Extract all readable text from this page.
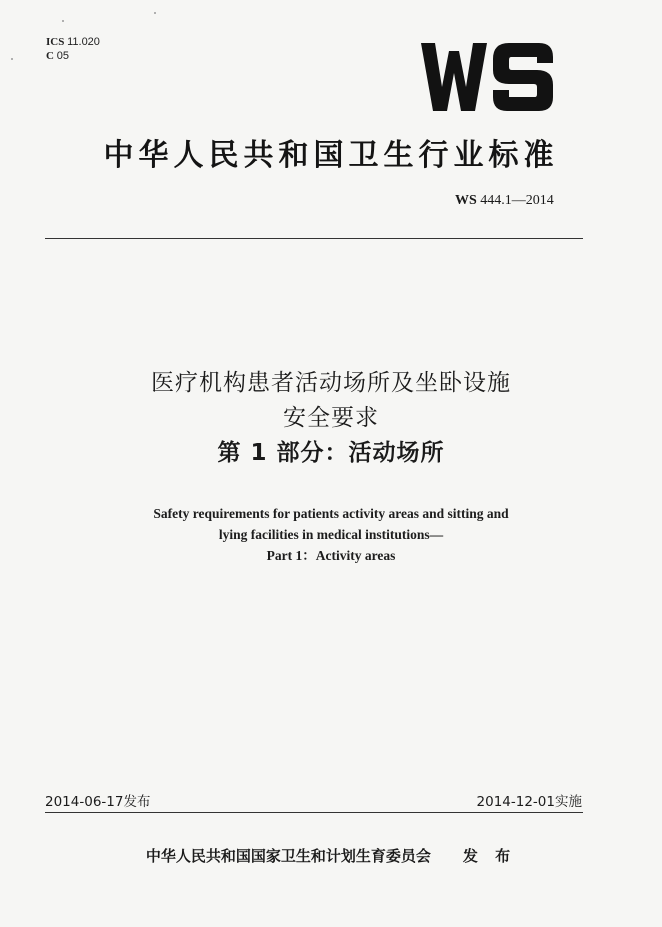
ICS 11.020
C 05
中华人民共和国卫生行业标准
WS 444.1—2014
医疗机构患者活动场所及坐卧设施
安全要求
第 1 部分：活动场所
Safety requirements for patients activity areas and sitting and
lying facilities in medical institutions—
Part 1：Activity areas
2014-06-17发布	2014-12-01实施
中华人民共和国国家卫生和计划生育委员会 发 布
